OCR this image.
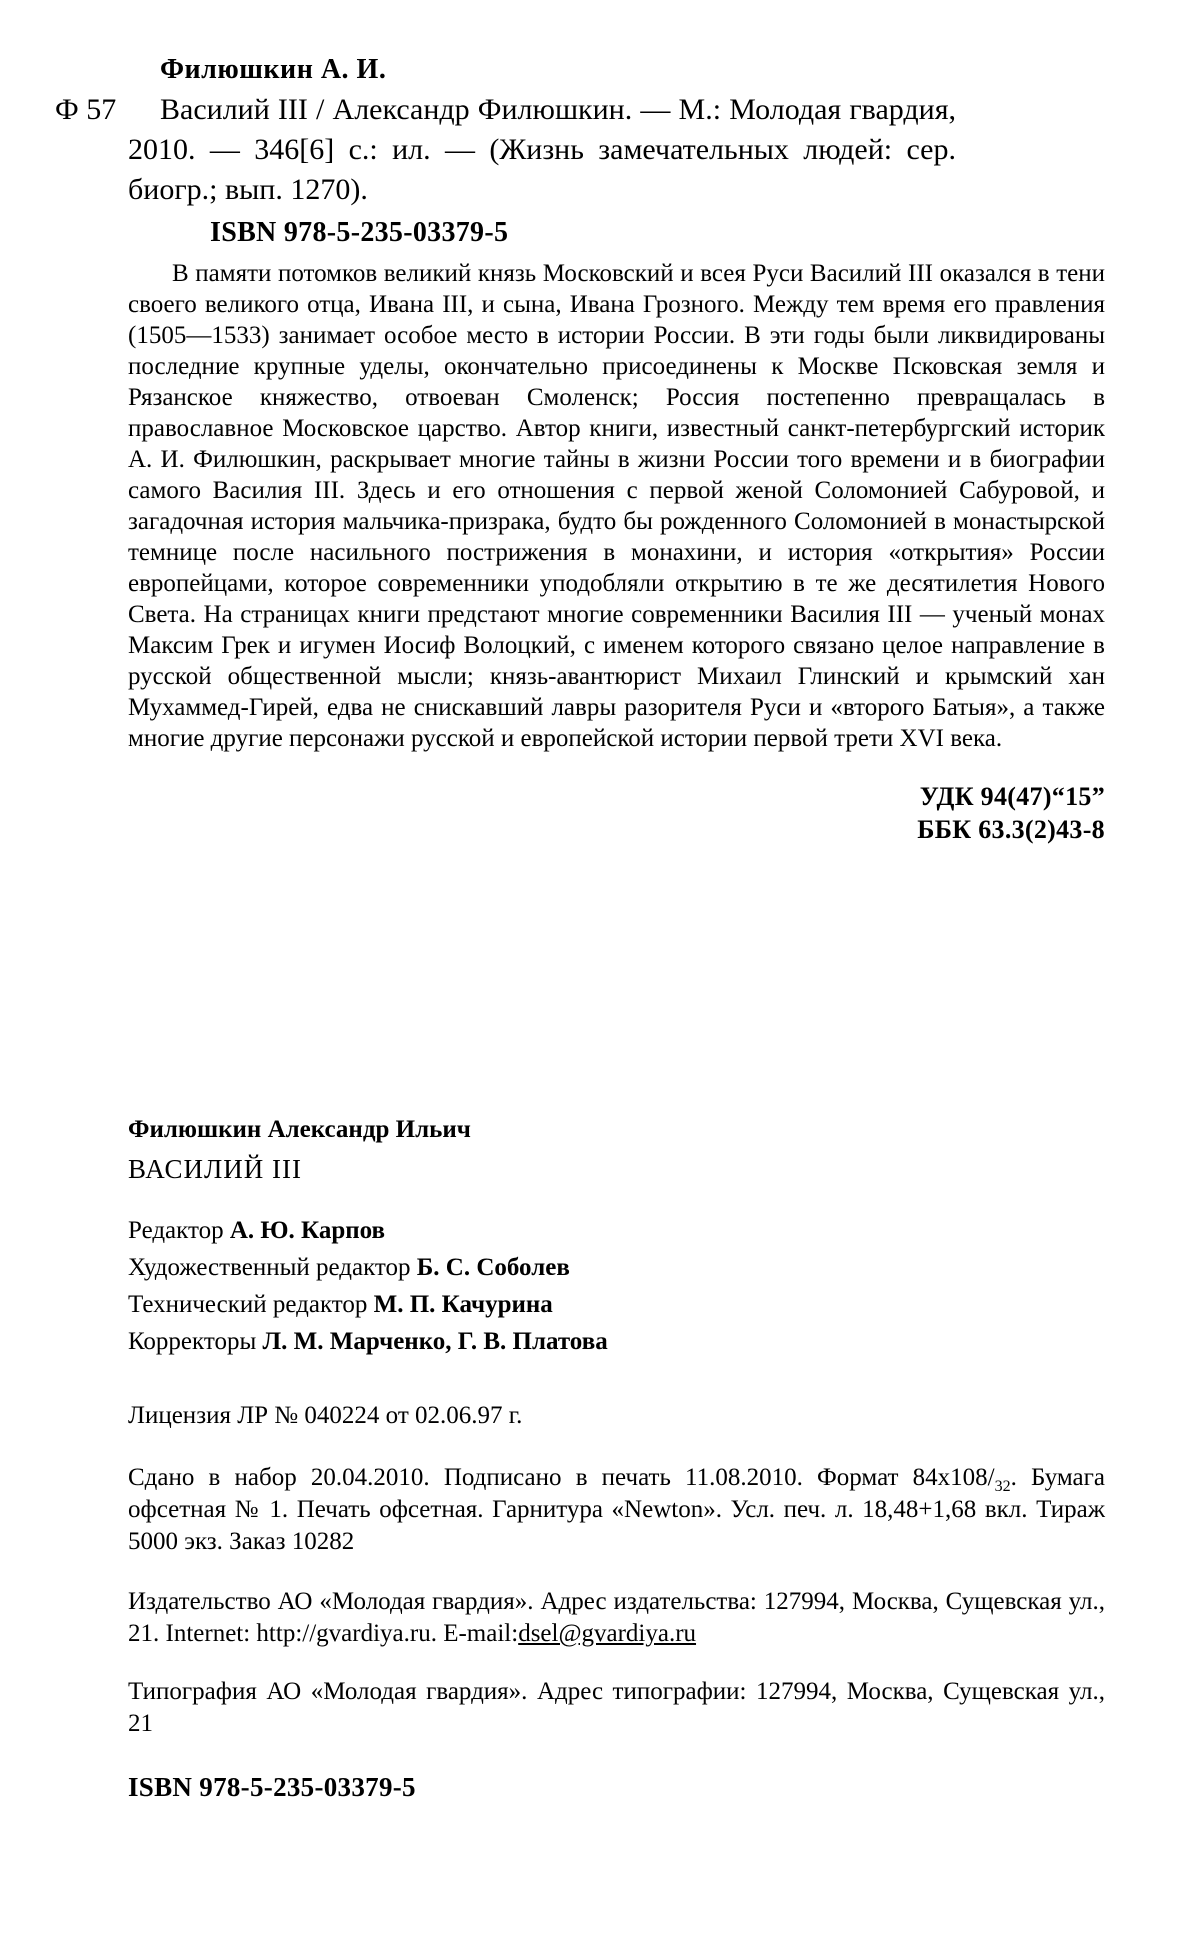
Филюшкин А. И.
Ф 57 Василий III / Александр Филюшкин. — М.: Молодая гвардия, 2010. — 346[6] с.: ил. — (Жизнь замечательных людей: сер. биогр.; вып. 1270).
ISBN 978-5-235-03379-5
В памяти потомков великий князь Московский и всея Руси Василий III оказался в тени своего великого отца, Ивана III, и сына, Ивана Грозного. Между тем время его правления (1505—1533) занимает особое место в истории России. В эти годы были ликвидированы последние крупные уделы, окончательно присоединены к Москве Псковская земля и Рязанское княжество, отвоеван Смоленск; Россия постепенно превращалась в православное Московское царство. Автор книги, известный санкт-петербургский историк А. И. Филюшкин, раскрывает многие тайны в жизни России того времени и в биографии самого Василия III. Здесь и его отношения с первой женой Соломонией Сабуровой, и загадочная история мальчика-призрака, будто бы рожденного Соломонией в монастырской темнице после насильного пострижения в монахини, и история «открытия» России европейцами, которое современники уподобляли открытию в те же десятилетия Нового Света. На страницах книги предстают многие современники Василия III — ученый монах Максим Грек и игумен Иосиф Волоцкий, с именем которого связано целое направление в русской общественной мысли; князь-авантюрист Михаил Глинский и крымский хан Мухаммед-Гирей, едва не снискавший лавры разорителя Руси и «второго Батыя», а также многие другие персонажи русской и европейской истории первой трети XVI века.
УДК 94(47)“15”
ББК 63.3(2)43-8
Филюшкин Александр Ильич
ВАСИЛИЙ III
Редактор А. Ю. Карпов
Художественный редактор Б. С. Соболев
Технический редактор М. П. Качурина
Корректоры Л. М. Марченко, Г. В. Платова
Лицензия ЛР № 040224 от 02.06.97 г.
Сдано в набор 20.04.2010. Подписано в печать 11.08.2010. Формат $84х108/_{32}$. Бумага офсетная № 1. Печать офсетная. Гарнитура «Newton». Усл. печ. л. 18,48+1,68 вкл. Тираж 5000 экз. Заказ 10282
Издательство АО «Молодая гвардия». Адрес издательства: 127994, Москва, Сущевская ул., 21. Internet: http://gvardiya.ru. E-mail:dsel@gvardiya.ru
Типография АО «Молодая гвардия». Адрес типографии: 127994, Москва, Сущевская ул., 21
ISBN 978-5-235-03379-5
